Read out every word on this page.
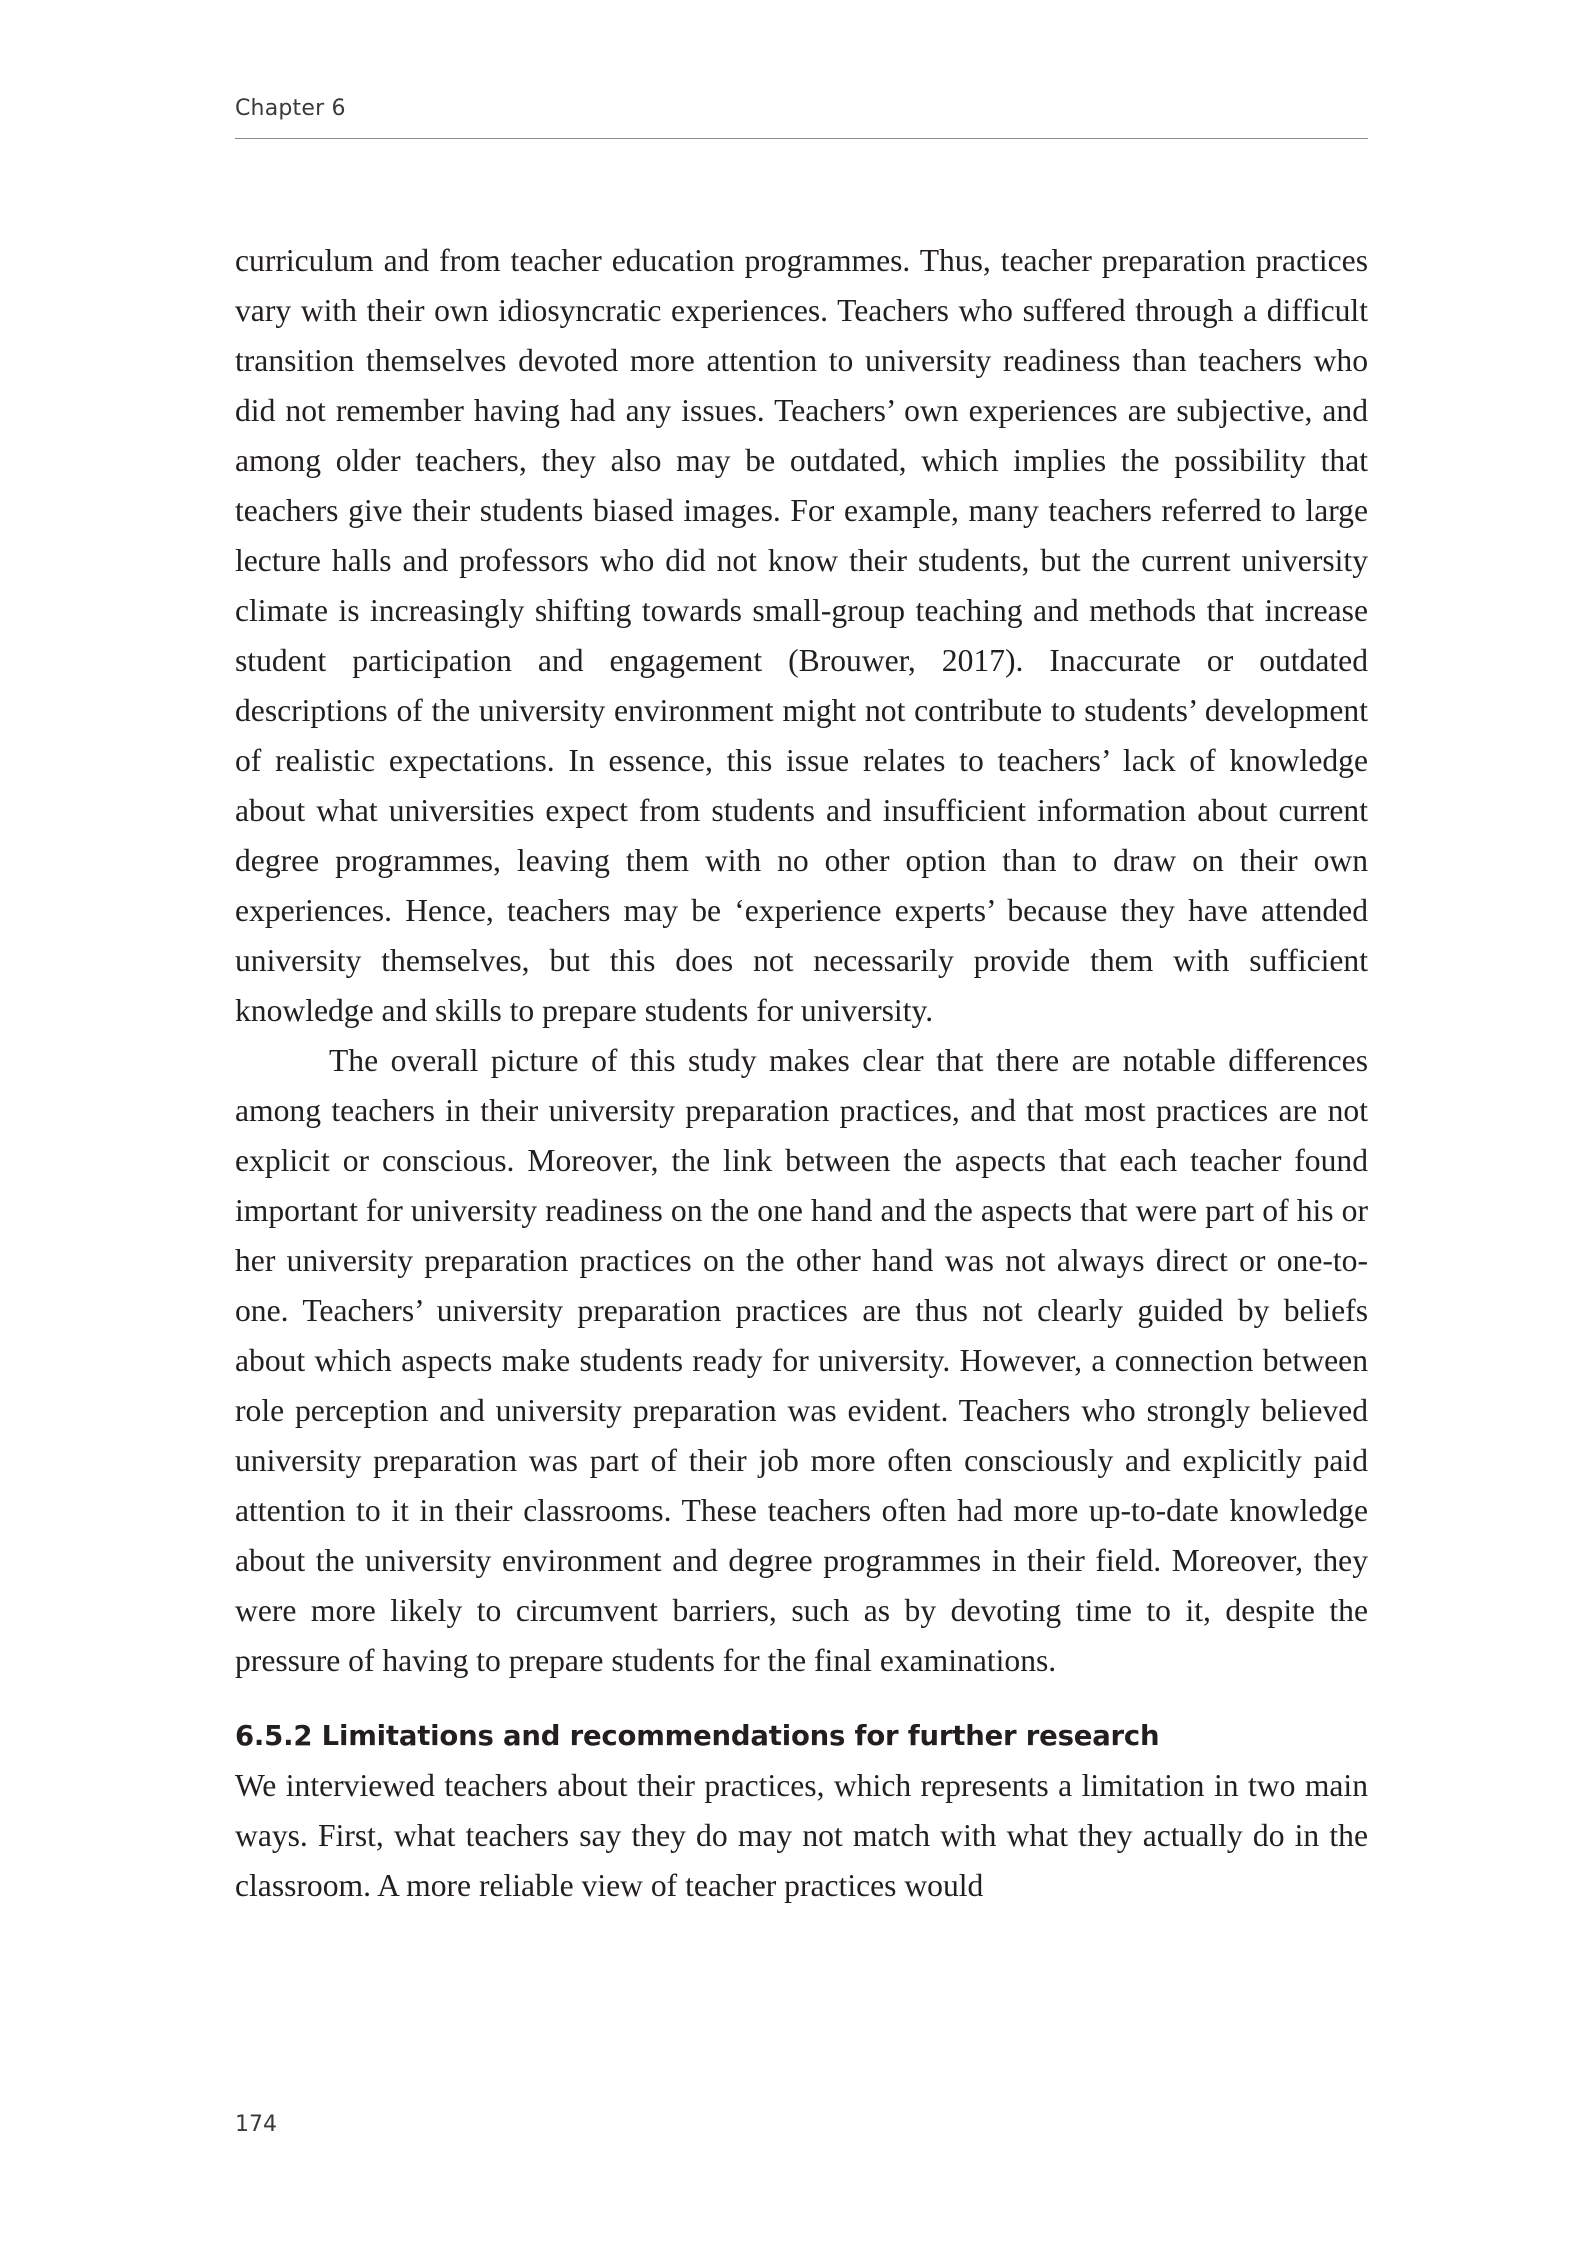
Chapter 6

curriculum and from teacher education programmes. Thus, teacher preparation practices vary with their own idiosyncratic experiences. Teachers who suffered through a difficult transition themselves devoted more attention to university readiness than teachers who did not remember having had any issues. Teachers’ own experiences are subjective, and among older teachers, they also may be outdated, which implies the possibility that teachers give their students biased images. For example, many teachers referred to large lecture halls and professors who did not know their students, but the current university climate is increasingly shifting towards small-group teaching and methods that increase student participation and engagement (Brouwer, 2017). Inaccurate or outdated descriptions of the university environment might not contribute to students’ development of realistic expectations. In essence, this issue relates to teachers’ lack of knowledge about what universities expect from students and insufficient information about current degree programmes, leaving them with no other option than to draw on their own experiences. Hence, teachers may be ‘experience experts’ because they have attended university themselves, but this does not necessarily provide them with sufficient knowledge and skills to prepare students for university.

The overall picture of this study makes clear that there are notable differences among teachers in their university preparation practices, and that most practices are not explicit or conscious. Moreover, the link between the aspects that each teacher found important for university readiness on the one hand and the aspects that were part of his or her university preparation practices on the other hand was not always direct or one-to-one. Teachers’ university preparation practices are thus not clearly guided by beliefs about which aspects make students ready for university. However, a connection between role perception and university preparation was evident. Teachers who strongly believed university preparation was part of their job more often consciously and explicitly paid attention to it in their classrooms. These teachers often had more up-to-date knowledge about the university environment and degree programmes in their field. Moreover, they were more likely to circumvent barriers, such as by devoting time to it, despite the pressure of having to prepare students for the final examinations.

6.5.2 Limitations and recommendations for further research

We interviewed teachers about their practices, which represents a limitation in two main ways. First, what teachers say they do may not match with what they actually do in the classroom. A more reliable view of teacher practices would

174
